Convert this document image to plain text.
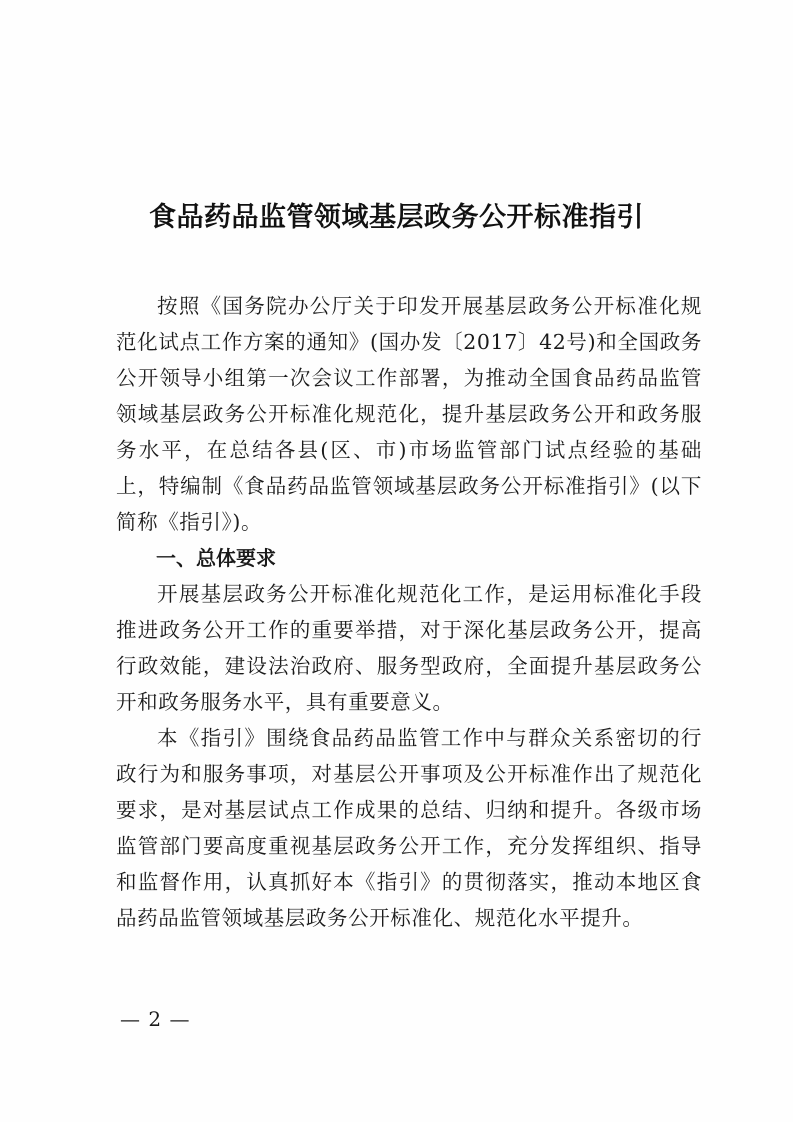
食品药品监管领域基层政务公开标准指引

按照《国务院办公厅关于印发开展基层政务公开标准化规范化试点工作方案的通知》(国办发〔2017〕42号)和全国政务公开领导小组第一次会议工作部署，为推动全国食品药品监管领域基层政务公开标准化规范化，提升基层政务公开和政务服务水平，在总结各县(区、市)市场监管部门试点经验的基础上，特编制《食品药品监管领域基层政务公开标准指引》(以下简称《指引》)。

一、总体要求

开展基层政务公开标准化规范化工作，是运用标准化手段推进政务公开工作的重要举措，对于深化基层政务公开，提高行政效能，建设法治政府、服务型政府，全面提升基层政务公开和政务服务水平，具有重要意义。

本《指引》围绕食品药品监管工作中与群众关系密切的行政行为和服务事项，对基层公开事项及公开标准作出了规范化要求，是对基层试点工作成果的总结、归纳和提升。各级市场监管部门要高度重视基层政务公开工作，充分发挥组织、指导和监督作用，认真抓好本《指引》的贯彻落实，推动本地区食品药品监管领域基层政务公开标准化、规范化水平提升。

— 2 —
